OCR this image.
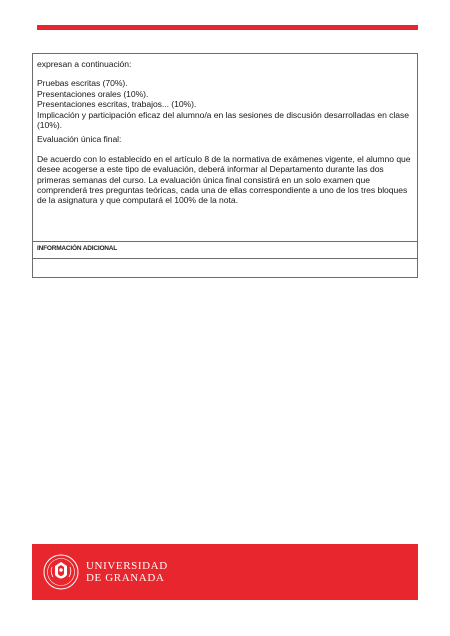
expresan a continuación:

Pruebas escritas (70%).

Presentaciones orales (10%).

Presentaciones escritas, trabajos... (10%).

Implicación y participación eficaz del alumno/a en las sesiones de discusión desarrolladas en clase (10%).

Evaluación única final:

De acuerdo con lo establecido en el artículo 8 de la normativa de exámenes vigente, el alumno que desee acogerse a este tipo de evaluación, deberá informar al Departamento durante las dos primeras semanas del curso. La evaluación única final consistirá en un solo examen que comprenderá tres preguntas teóricas, cada una de ellas correspondiente a uno de los tres bloques de la asignatura y que computará el 100% de la nota.

INFORMACIÓN ADICIONAL
UNIVERSIDAD
DE GRANADA
